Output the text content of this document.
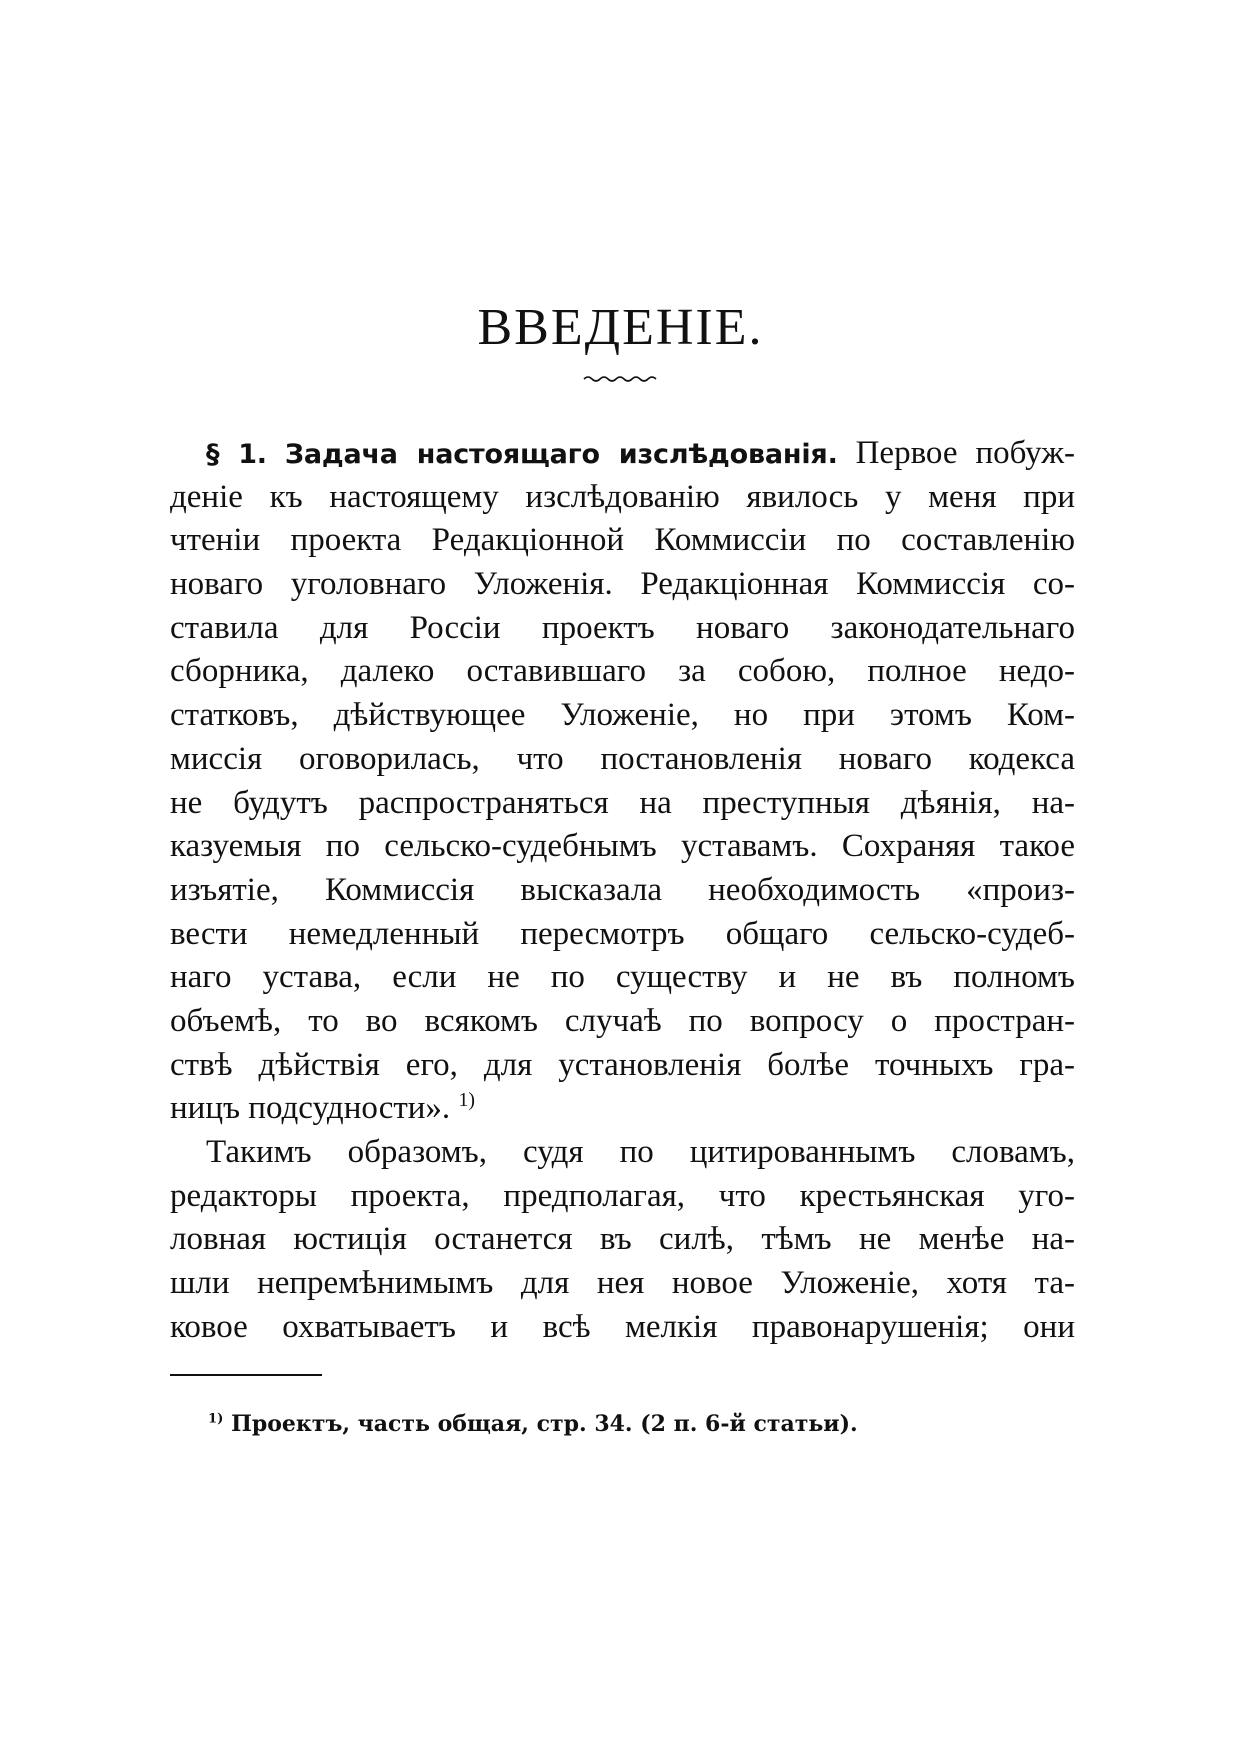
ВВЕДЕНІЕ.
§ 1. Задача настоящаго изслѣдованія. Первое побуж-
деніе къ настоящему изслѣдованію явилось у меня при
чтеніи проекта Редакціонной Коммиссіи по составленію
новаго уголовнаго Уложенія. Редакціонная Коммиссія со-
ставила для Россіи проектъ новаго законодательнаго
сборника, далеко оставившаго за собою, полное недо-
статковъ, дѣйствующее Уложеніе, но при этомъ Ком-
миссія оговорилась, что постановленія новаго кодекса
не будутъ распространяться на преступныя дѣянія, на-
казуемыя по сельско-судебнымъ уставамъ. Сохраняя такое
изъятіе, Коммиссія высказала необходимость «произ-
вести немедленный пересмотръ общаго сельско-судеб-
наго устава, если не по существу и не въ полномъ
объемѣ, то во всякомъ случаѣ по вопросу о простран-
ствѣ дѣйствія его, для установленія болѣе точныхъ гра-
ницъ подсудности». $^{1)}$
Такимъ образомъ, судя по цитированнымъ словамъ,
редакторы проекта, предполагая, что крестьянская уго-
ловная юстиція останется въ силѣ, тѣмъ не менѣе на-
шли непремѣнимымъ для нея новое Уложеніе, хотя та-
ковое охватываетъ и всѣ мелкія правонарушенія; они
$^{1)}$ Проектъ, часть общая, стр. 34. (2 п. 6-й статьи).
